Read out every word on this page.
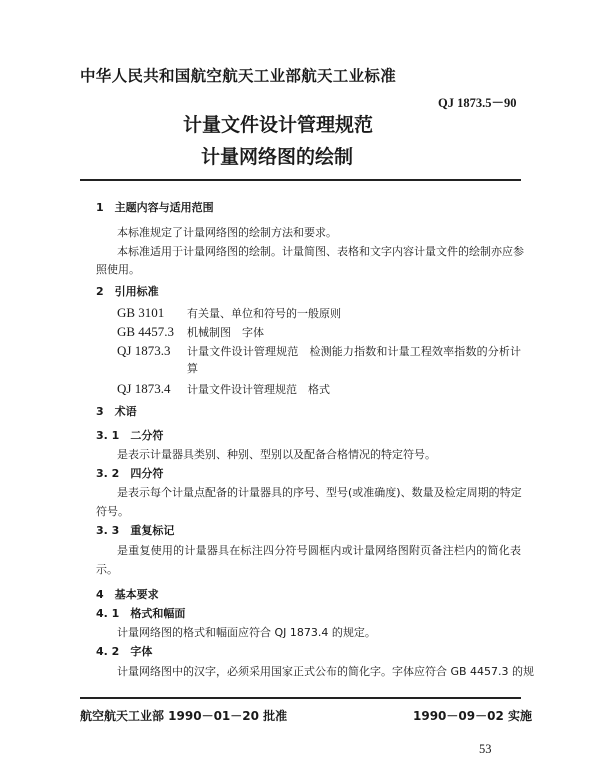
中华人民共和国航空航天工业部航天工业标准
QJ 1873.5－90
计量文件设计管理规范
计量网络图的绘制
1　主题内容与适用范围
本标准规定了计量网络图的绘制方法和要求。
本标准适用于计量网络图的绘制。计量简图、表格和文字内容计量文件的绘制亦应参
照使用。
2　引用标准
GB 3101	有关量、单位和符号的一般原则
GB 4457.3	机械制图　字体
QJ 1873.3	计量文件设计管理规范　检测能力指数和计量工程效率指数的分析计
算
QJ 1873.4	计量文件设计管理规范　格式
3　术语
3. 1　二分符
是表示计量器具类别、种别、型别以及配备合格情况的特定符号。
3. 2　四分符
是表示每个计量点配备的计量器具的序号、型号(或准确度)、数量及检定周期的特定
符号。
3. 3　重复标记
是重复使用的计量器具在标注四分符号圆框内或计量网络图附页备注栏内的简化表
示。
4　基本要求
4. 1　格式和幅面
计量网络图的格式和幅面应符合 QJ 1873.4 的规定。
4. 2　字体
计量网络图中的汉字，必须采用国家正式公布的简化字。字体应符合 GB 4457.3 的规
航空航天工业部 1990－01－20 批准	1990－09－02 实施
53
